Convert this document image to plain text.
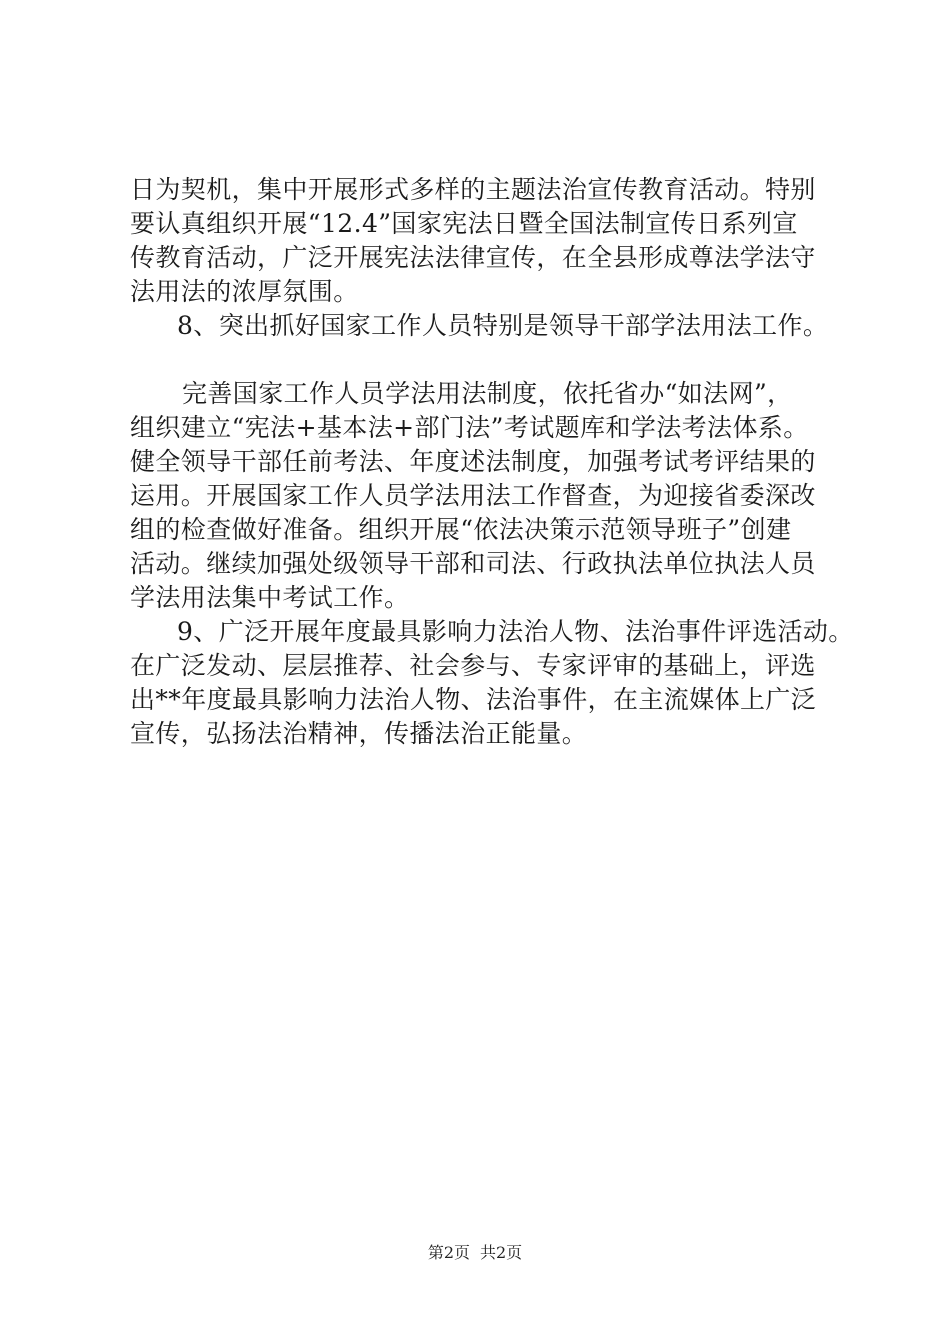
日为契机，集中开展形式多样的主题法治宣传教育活动。特别
要认真组织开展“12.4”国家宪法日暨全国法制宣传日系列宣
传教育活动，广泛开展宪法法律宣传，在全县形成尊法学法守
法用法的浓厚氛围。
8、突出抓好国家工作人员特别是领导干部学法用法工作。
完善国家工作人员学法用法制度，依托省办“如法网”，
组织建立“宪法+基本法+部门法”考试题库和学法考法体系。
健全领导干部任前考法、年度述法制度，加强考试考评结果的
运用。开展国家工作人员学法用法工作督查，为迎接省委深改
组的检查做好准备。组织开展“依法决策示范领导班子”创建
活动。继续加强处级领导干部和司法、行政执法单位执法人员
学法用法集中考试工作。
9、广泛开展年度最具影响力法治人物、法治事件评选活动。
在广泛发动、层层推荐、社会参与、专家评审的基础上，评选
出**年度最具影响力法治人物、法治事件，在主流媒体上广泛
宣传，弘扬法治精神，传播法治正能量。
第2页 共2页
